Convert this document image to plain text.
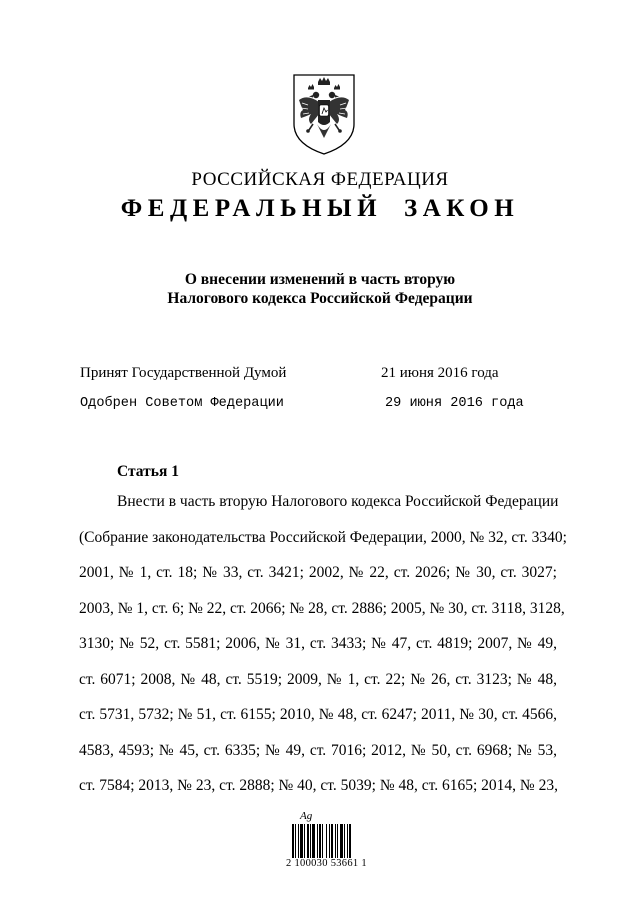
РОССИЙСКАЯ ФЕДЕРАЦИЯ
ФЕДЕРАЛЬНЫЙ ЗАКОН
О внесении изменений в часть вторую
Налогового кодекса Российской Федерации
Принят Государственной Думой	21 июня 2016 года
Одобрен Советом Федерации	29 июня 2016 года
Статья 1
Внести в часть вторую Налогового кодекса Российской Федерации
(Собрание законодательства Российской Федерации, 2000, № 32, ст. 3340;
2001, № 1, ст. 18; № 33, ст. 3421; 2002, № 22, ст. 2026; № 30, ст. 3027;
2003, № 1, ст. 6; № 22, ст. 2066; № 28, ст. 2886; 2005, № 30, ст. 3118, 3128,
3130; № 52, ст. 5581; 2006, № 31, ст. 3433; № 47, ст. 4819; 2007, № 49,
ст. 6071; 2008, № 48, ст. 5519; 2009, № 1, ст. 22; № 26, ст. 3123; № 48,
ст. 5731, 5732; № 51, ст. 6155; 2010, № 48, ст. 6247; 2011, № 30, ст. 4566,
4583, 4593; № 45, ст. 6335; № 49, ст. 7016; 2012, № 50, ст. 6968; № 53,
ст. 7584; 2013, № 23, ст. 2888; № 40, ст. 5039; № 48, ст. 6165; 2014, № 23,
Ag
2 100030 53661 1
